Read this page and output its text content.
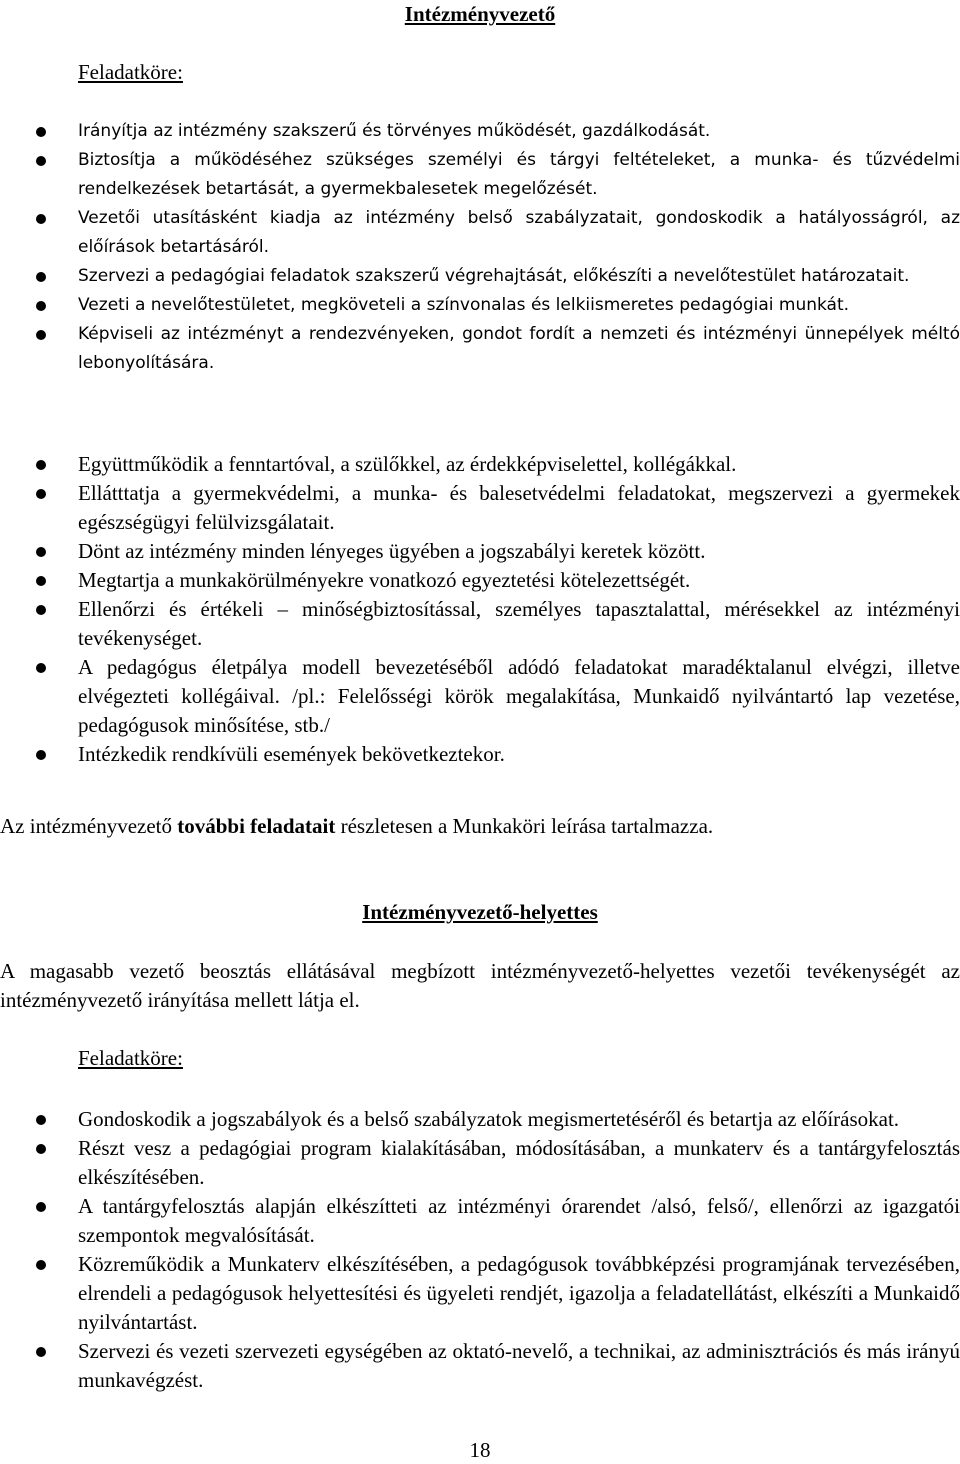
Intézményvezető

Feladatköre:

Irányítja az intézmény szakszerű és törvényes működését, gazdálkodását.
Biztosítja a működéséhez szükséges személyi és tárgyi feltételeket, a munka- és tűzvédelmi rendelkezések betartását, a gyermekbalesetek megelőzését.
Vezetői utasításként kiadja az intézmény belső szabályzatait, gondoskodik a hatályosságról, az előírások betartásáról.
Szervezi a pedagógiai feladatok szakszerű végrehajtását, előkészíti a nevelőtestület határozatait.
Vezeti a nevelőtestületet, megköveteli a színvonalas és lelkiismeretes pedagógiai munkát.
Képviseli az intézményt a rendezvényeken, gondot fordít a nemzeti és intézményi ünnepélyek méltó lebonyolítására.
Együttműködik a fenntartóval, a szülőkkel, az érdekképviselettel, kollégákkal.
Ellátttatja a gyermekvédelmi, a munka- és balesetvédelmi feladatokat, megszervezi a gyermekek egészségügyi felülvizsgálatait.
Dönt az intézmény minden lényeges ügyében a jogszabályi keretek között.
Megtartja a munkakörülményekre vonatkozó egyeztetési kötelezettségét.
Ellenőrzi és értékeli – minőségbiztosítással, személyes tapasztalattal, mérésekkel az intézményi tevékenységet.
A pedagógus életpálya modell bevezetéséből adódó feladatokat maradéktalanul elvégzi, illetve elvégezteti kollégáival. /pl.: Felelősségi körök megalakítása, Munkaidő nyilvántartó lap vezetése, pedagógusok minősítése, stb./
Intézkedik rendkívüli események bekövetkeztekor.

Az intézményvezető további feladatait részletesen a Munkaköri leírása tartalmazza.

Intézményvezető-helyettes

A magasabb vezető beosztás ellátásával megbízott intézményvezető-helyettes vezetői tevékenységét az intézményvezető irányítása mellett látja el.

Feladatköre:

Gondoskodik a jogszabályok és a belső szabályzatok megismertetéséről és betartja az előírásokat.
Részt vesz a pedagógiai program kialakításában, módosításában, a munkaterv és a tantárgyfelosztás elkészítésében.
A tantárgyfelosztás alapján elkészítteti az intézményi órarendet /alsó, felső/, ellenőrzi az igazgatói szempontok megvalósítását.
Közreműködik a Munkaterv elkészítésében, a pedagógusok továbbképzési programjának tervezésében, elrendeli a pedagógusok helyettesítési és ügyeleti rendjét, igazolja a feladatellátást, elkészíti a Munkaidő nyilvántartást.
Szervezi és vezeti szervezeti egységében az oktató-nevelő, a technikai, az adminisztrációs és más irányú munkavégzést.

18
